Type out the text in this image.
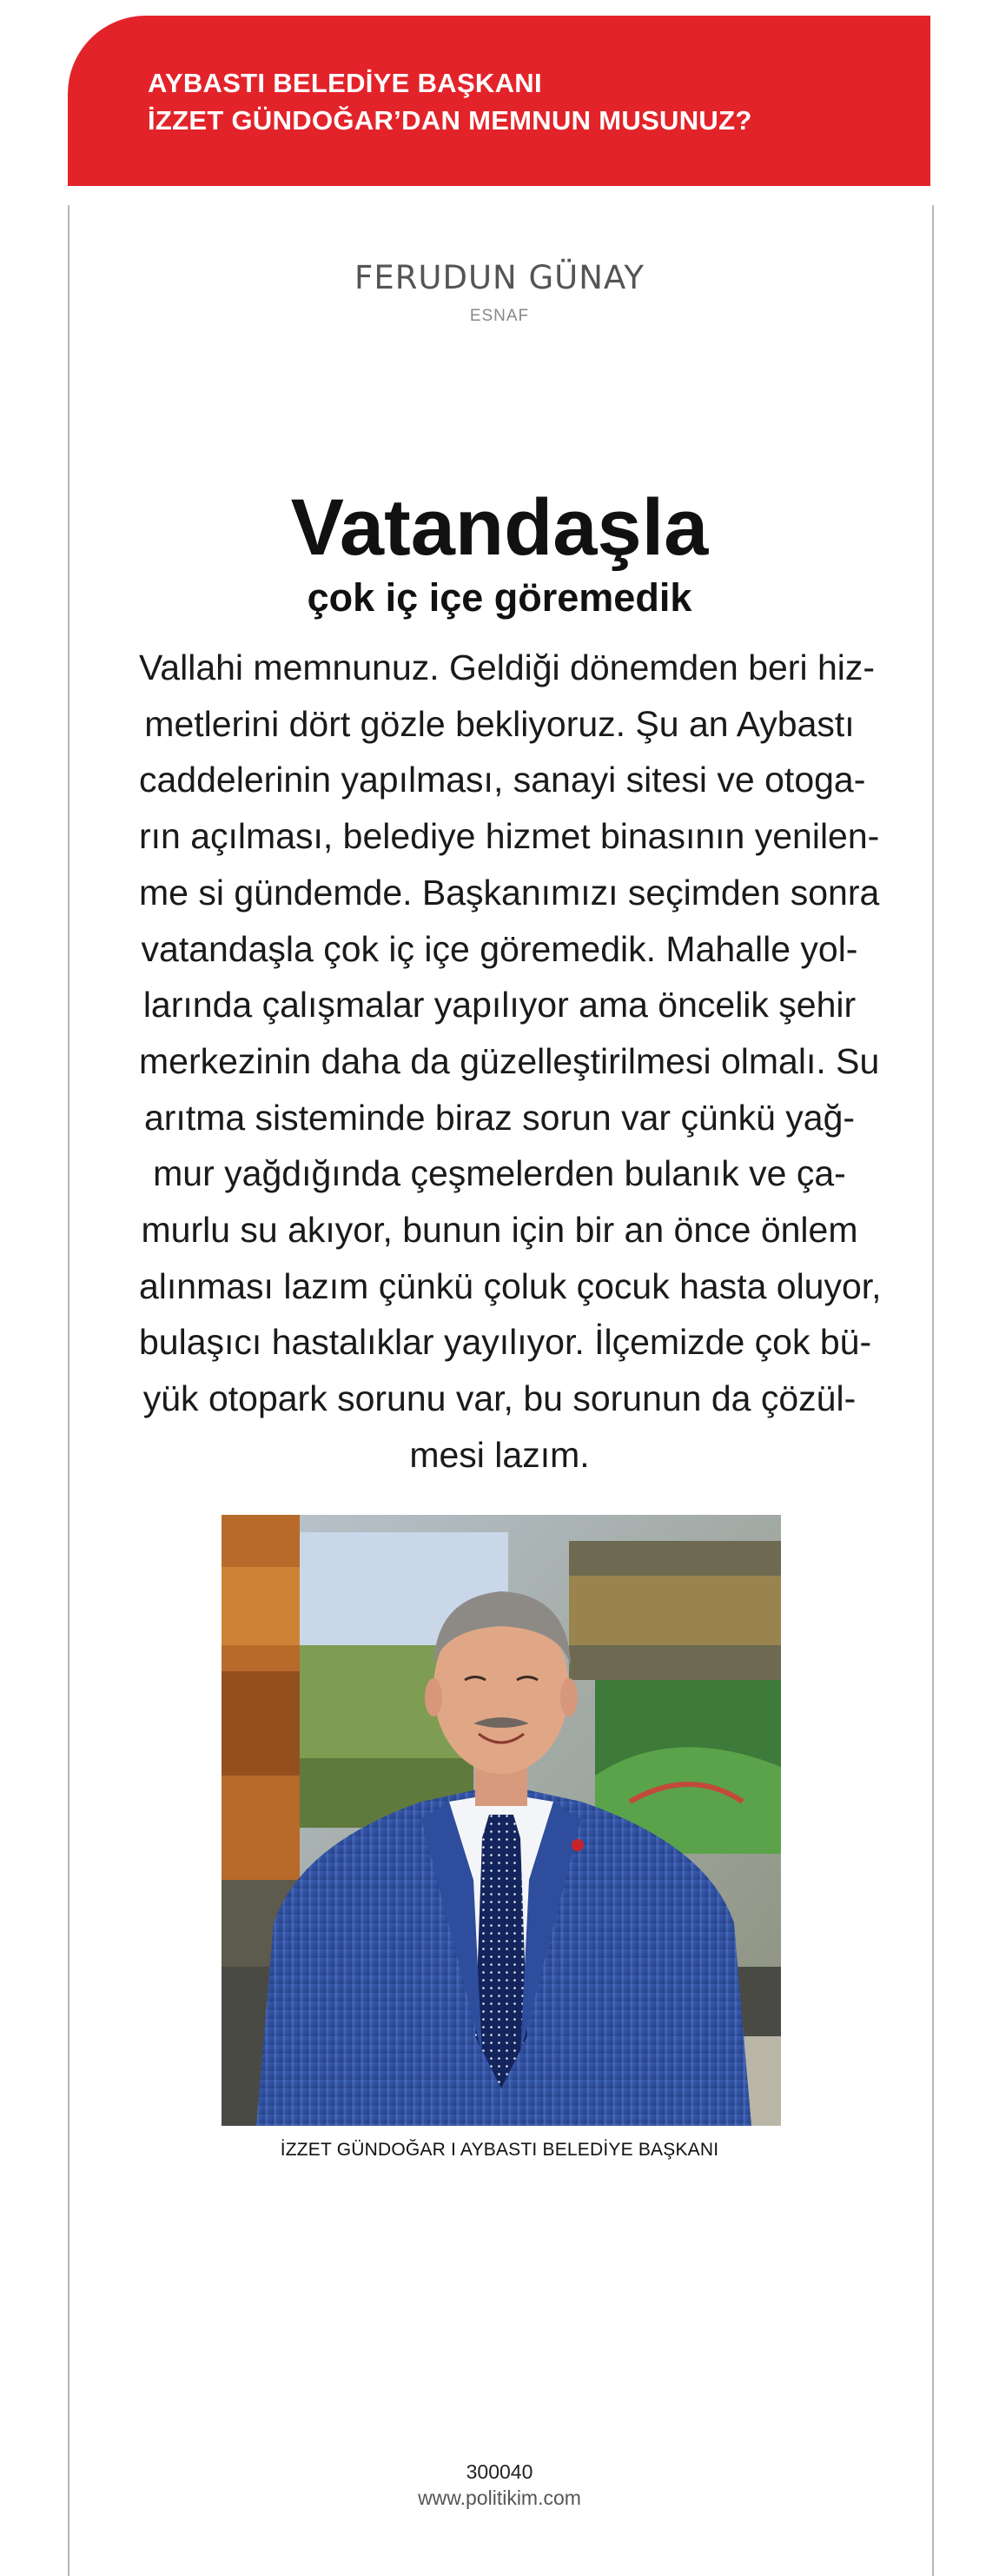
AYBASTI BELEDİYE BAŞKANI
İZZET GÜNDOĞAR’DAN MEMNUN MUSUNUZ?
FERUDUN GÜNAY
ESNAF
Vatandaşla
çok iç içe göremedik
Vallahi memnunuz. Geldiği dönemden beri hiz-
metlerini dört gözle bekliyoruz. Şu an Aybastı
caddelerinin yapılması, sanayi sitesi ve otoga-
rın açılması, belediye hizmet binasının yenilen-
me si gündemde. Başkanımızı seçimden sonra
vatandaşla çok iç içe göremedik. Mahalle yol-
larında çalışmalar yapılıyor ama öncelik şehir
merkezinin daha da güzelleştirilmesi olmalı. Su
arıtma sisteminde biraz sorun var çünkü yağ-
mur yağdığında çeşmelerden bulanık ve ça-
murlu su akıyor, bunun için bir an önce önlem
alınması lazım çünkü çoluk çocuk hasta oluyor,
bulaşıcı hastalıklar yayılıyor. İlçemizde çok bü-
yük otopark sorunu var, bu sorunun da çözül-
mesi lazım.
İZZET GÜNDOĞAR I AYBASTI BELEDİYE BAŞKANI
300040
www.politikim.com
